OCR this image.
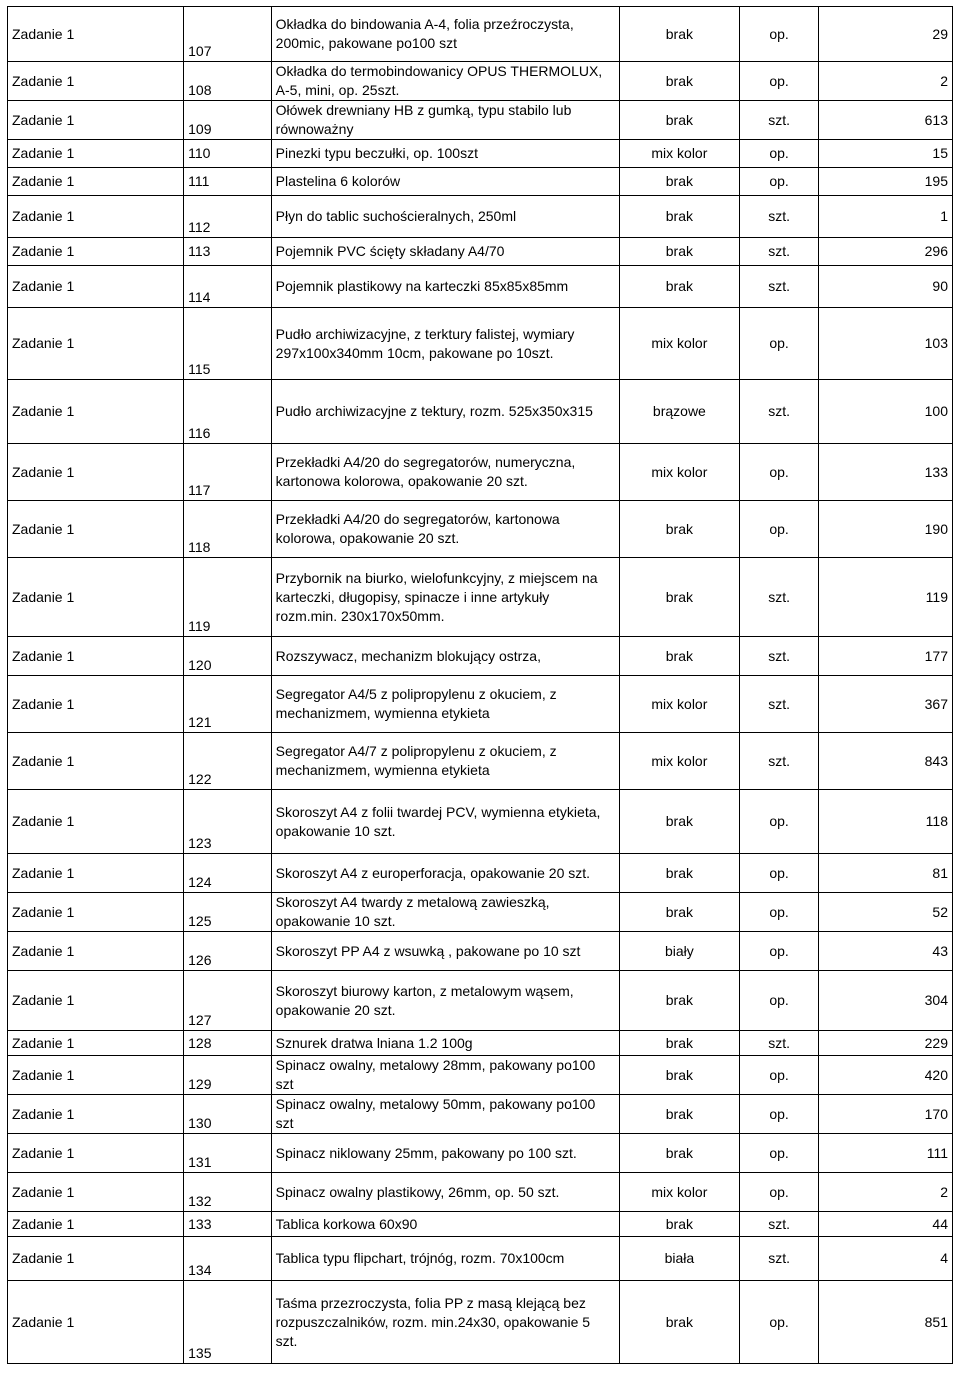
Zadanie 1	107	Okładka do bindowania A-4, folia przeźroczysta, 200mic, pakowane po100 szt	brak	op.	29
Zadanie 1	108	Okładka do termobindowanicy OPUS THERMOLUX, A-5, mini, op. 25szt.	brak	op.	2
Zadanie 1	109	Ołówek drewniany HB z gumką, typu stabilo lub równoważny	brak	szt.	613
Zadanie 1	110	Pinezki typu beczułki, op. 100szt	mix kolor	op.	15
Zadanie 1	111	Plastelina 6 kolorów	brak	op.	195
Zadanie 1	112	Płyn do tablic suchościeralnych, 250ml	brak	szt.	1
Zadanie 1	113	Pojemnik PVC ścięty składany A4/70	brak	szt.	296
Zadanie 1	114	Pojemnik plastikowy na karteczki 85x85x85mm	brak	szt.	90
Zadanie 1	115	Pudło archiwizacyjne, z terktury falistej, wymiary 297x100x340mm 10cm, pakowane po 10szt.	mix kolor	op.	103
Zadanie 1	116	Pudło archiwizacyjne z tektury, rozm. 525x350x315	brązowe	szt.	100
Zadanie 1	117	Przekładki A4/20 do segregatorów, numeryczna, kartonowa kolorowa, opakowanie 20 szt.	mix kolor	op.	133
Zadanie 1	118	Przekładki A4/20 do segregatorów, kartonowa kolorowa, opakowanie 20 szt.	brak	op.	190
Zadanie 1	119	Przybornik na biurko, wielofunkcyjny, z miejscem na karteczki, długopisy, spinacze i inne artykuły rozm.min. 230x170x50mm.	brak	szt.	119
Zadanie 1	120	Rozszywacz, mechanizm blokujący ostrza,	brak	szt.	177
Zadanie 1	121	Segregator A4/5 z polipropylenu z okuciem, z mechanizmem, wymienna etykieta	mix kolor	szt.	367
Zadanie 1	122	Segregator A4/7 z polipropylenu z okuciem, z mechanizmem, wymienna etykieta	mix kolor	szt.	843
Zadanie 1	123	Skoroszyt A4 z folii twardej PCV, wymienna etykieta, opakowanie 10 szt.	brak	op.	118
Zadanie 1	124	Skoroszyt A4 z europerforacja, opakowanie 20 szt.	brak	op.	81
Zadanie 1	125	Skoroszyt A4 twardy z metalową zawieszką, opakowanie 10 szt.	brak	op.	52
Zadanie 1	126	Skoroszyt PP A4 z wsuwką , pakowane po 10 szt	biały	op.	43
Zadanie 1	127	Skoroszyt biurowy karton, z metalowym wąsem, opakowanie 20 szt.	brak	op.	304
Zadanie 1	128	Sznurek dratwa lniana 1.2 100g	brak	szt.	229
Zadanie 1	129	Spinacz owalny, metalowy 28mm, pakowany po100 szt	brak	op.	420
Zadanie 1	130	Spinacz owalny, metalowy 50mm, pakowany po100 szt	brak	op.	170
Zadanie 1	131	Spinacz niklowany 25mm, pakowany po 100 szt.	brak	op.	111
Zadanie 1	132	Spinacz owalny plastikowy, 26mm, op. 50 szt.	mix kolor	op.	2
Zadanie 1	133	Tablica korkowa 60x90	brak	szt.	44
Zadanie 1	134	Tablica typu flipchart, trójnóg, rozm. 70x100cm	biała	szt.	4
Zadanie 1	135	Taśma przezroczysta, folia PP z masą klejącą bez rozpuszczalników, rozm. min.24x30, opakowanie 5 szt.	brak	op.	851
